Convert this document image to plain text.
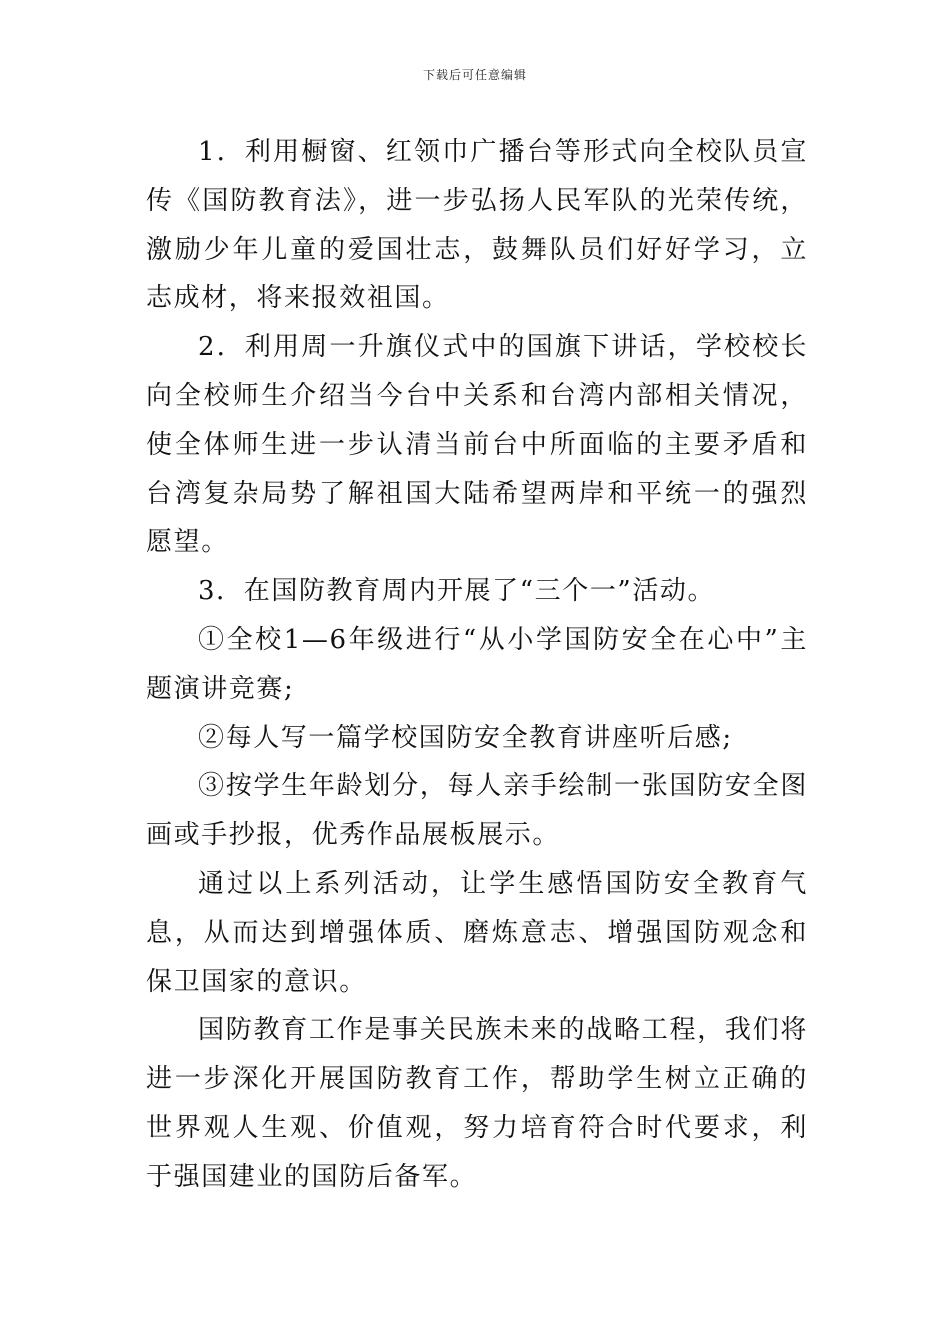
下载后可任意编辑

1．利用橱窗、红领巾广播台等形式向全校队员宣传《国防教育法》，进一步弘扬人民军队的光荣传统，激励少年儿童的爱国壮志，鼓舞队员们好好学习，立志成材，将来报效祖国。

2．利用周一升旗仪式中的国旗下讲话，学校校长向全校师生介绍当今台中关系和台湾内部相关情况，使全体师生进一步认清当前台中所面临的主要矛盾和台湾复杂局势了解祖国大陆希望两岸和平统一的强烈愿望。

3．在国防教育周内开展了“三个一”活动。

①全校1—6年级进行“从小学国防安全在心中”主题演讲竞赛;

②每人写一篇学校国防安全教育讲座听后感;

③按学生年龄划分，每人亲手绘制一张国防安全图画或手抄报，优秀作品展板展示。

通过以上系列活动，让学生感悟国防安全教育气息，从而达到增强体质、磨炼意志、增强国防观念和保卫国家的意识。

国防教育工作是事关民族未来的战略工程，我们将进一步深化开展国防教育工作，帮助学生树立正确的世界观人生观、价值观，努力培育符合时代要求，利于强国建业的国防后备军。
